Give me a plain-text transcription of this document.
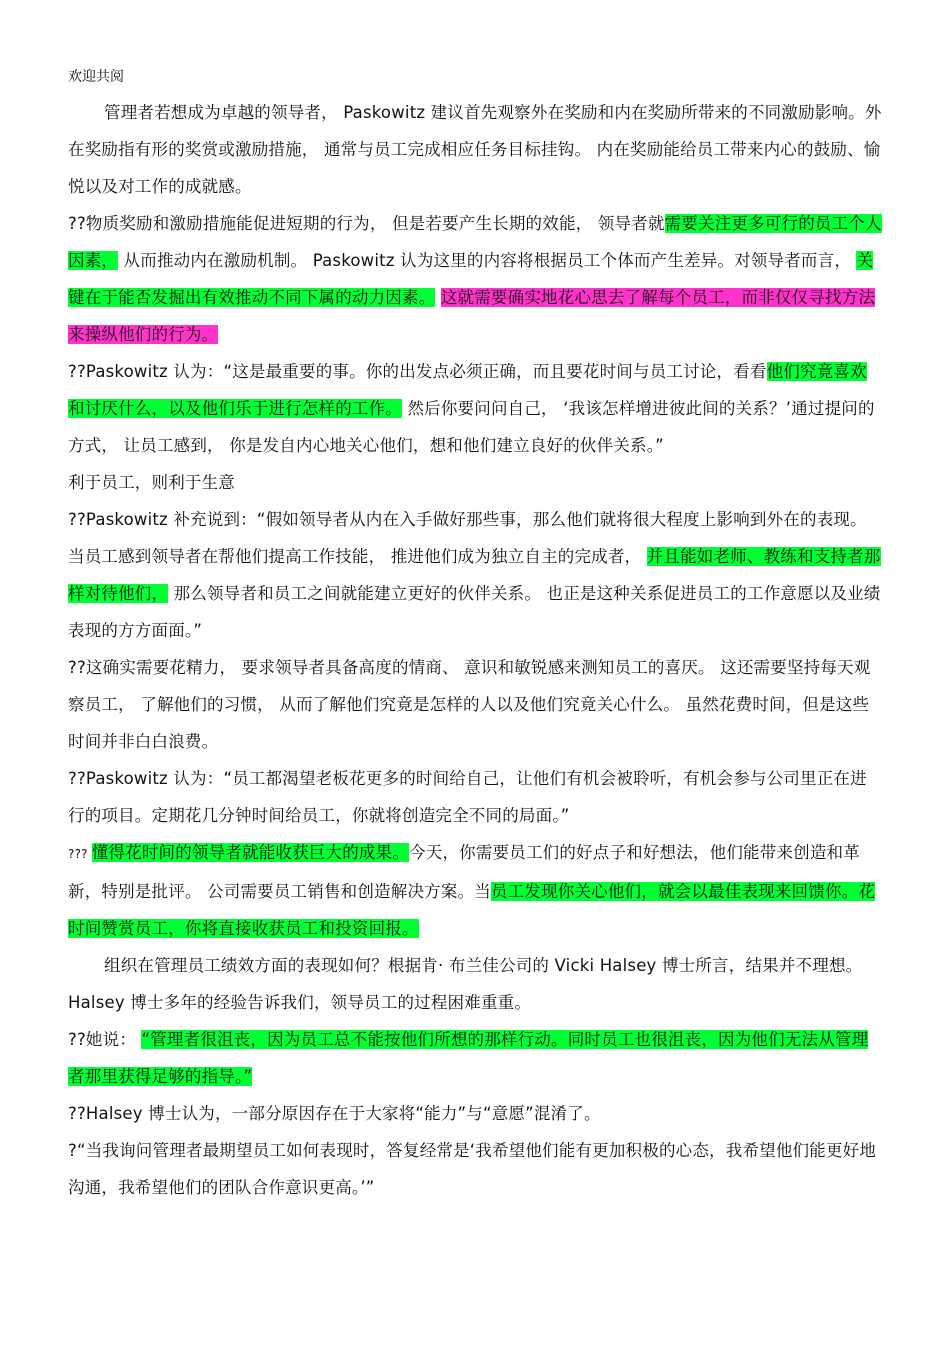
欢迎共阅

管理者若想成为卓越的领导者， Paskowitz 建议首先观察外在奖励和内在奖励所带来的不同激励影响。外在奖励指有形的奖赏或激励措施， 通常与员工完成相应任务目标挂钩。 内在奖励能给员工带来内心的鼓励、愉悦以及对工作的成就感。

??物质奖励和激励措施能促进短期的行为， 但是若要产生长期的效能， 领导者就需要关注更多可行的员工个人因素， 从而推动内在激励机制。 Paskowitz 认为这里的内容将根据员工个体而产生差异。对领导者而言， 关键在于能否发掘出有效推动不同下属的动力因素。 这就需要确实地花心思去了解每个员工，而非仅仅寻找方法来操纵他们的行为。

??Paskowitz 认为：“这是最重要的事。你的出发点必须正确，而且要花时间与员工讨论，看看他们究竟喜欢和讨厌什么，以及他们乐于进行怎样的工作。 然后你要问问自己， ‘我该怎样增进彼此间的关系？’通过提问的方式， 让员工感到， 你是发自内心地关心他们，想和他们建立良好的伙伴关系。”

利于员工，则利于生意

??Paskowitz 补充说到：“假如领导者从内在入手做好那些事，那么他们就将很大程度上影响到外在的表现。当员工感到领导者在帮他们提高工作技能， 推进他们成为独立自主的完成者， 并且能如老师、教练和支持者那样对待他们， 那么领导者和员工之间就能建立更好的伙伴关系。 也正是这种关系促进员工的工作意愿以及业绩表现的方方面面。”

??这确实需要花精力， 要求领导者具备高度的情商、 意识和敏锐感来测知员工的喜厌。 这还需要坚持每天观察员工， 了解他们的习惯， 从而了解他们究竟是怎样的人以及他们究竟关心什么。 虽然花费时间，但是这些时间并非白白浪费。

??Paskowitz 认为：“员工都渴望老板花更多的时间给自己，让他们有机会被聆听，有机会参与公司里正在进行的项目。定期花几分钟时间给员工，你就将创造完全不同的局面。”

??? 懂得花时间的领导者就能收获巨大的成果。今天，你需要员工们的好点子和好想法，他们能带来创造和革新，特别是批评。 公司需要员工销售和创造解决方案。当员工发现你关心他们，就会以最佳表现来回馈你。花时间赞赏员工，你将直接收获员工和投资回报。

组织在管理员工绩效方面的表现如何？根据肯· 布兰佳公司的 Vicki Halsey 博士所言，结果并不理想。 Halsey 博士多年的经验告诉我们，领导员工的过程困难重重。

??她说： “管理者很沮丧，因为员工总不能按他们所想的那样行动。同时员工也很沮丧，因为他们无法从管理者那里获得足够的指导。”

??Halsey 博士认为，一部分原因存在于大家将“能力”与“意愿”混淆了。

?“当我询问管理者最期望员工如何表现时，答复经常是‘我希望他们能有更加积极的心态，我希望他们能更好地沟通，我希望他们的团队合作意识更高。’”
